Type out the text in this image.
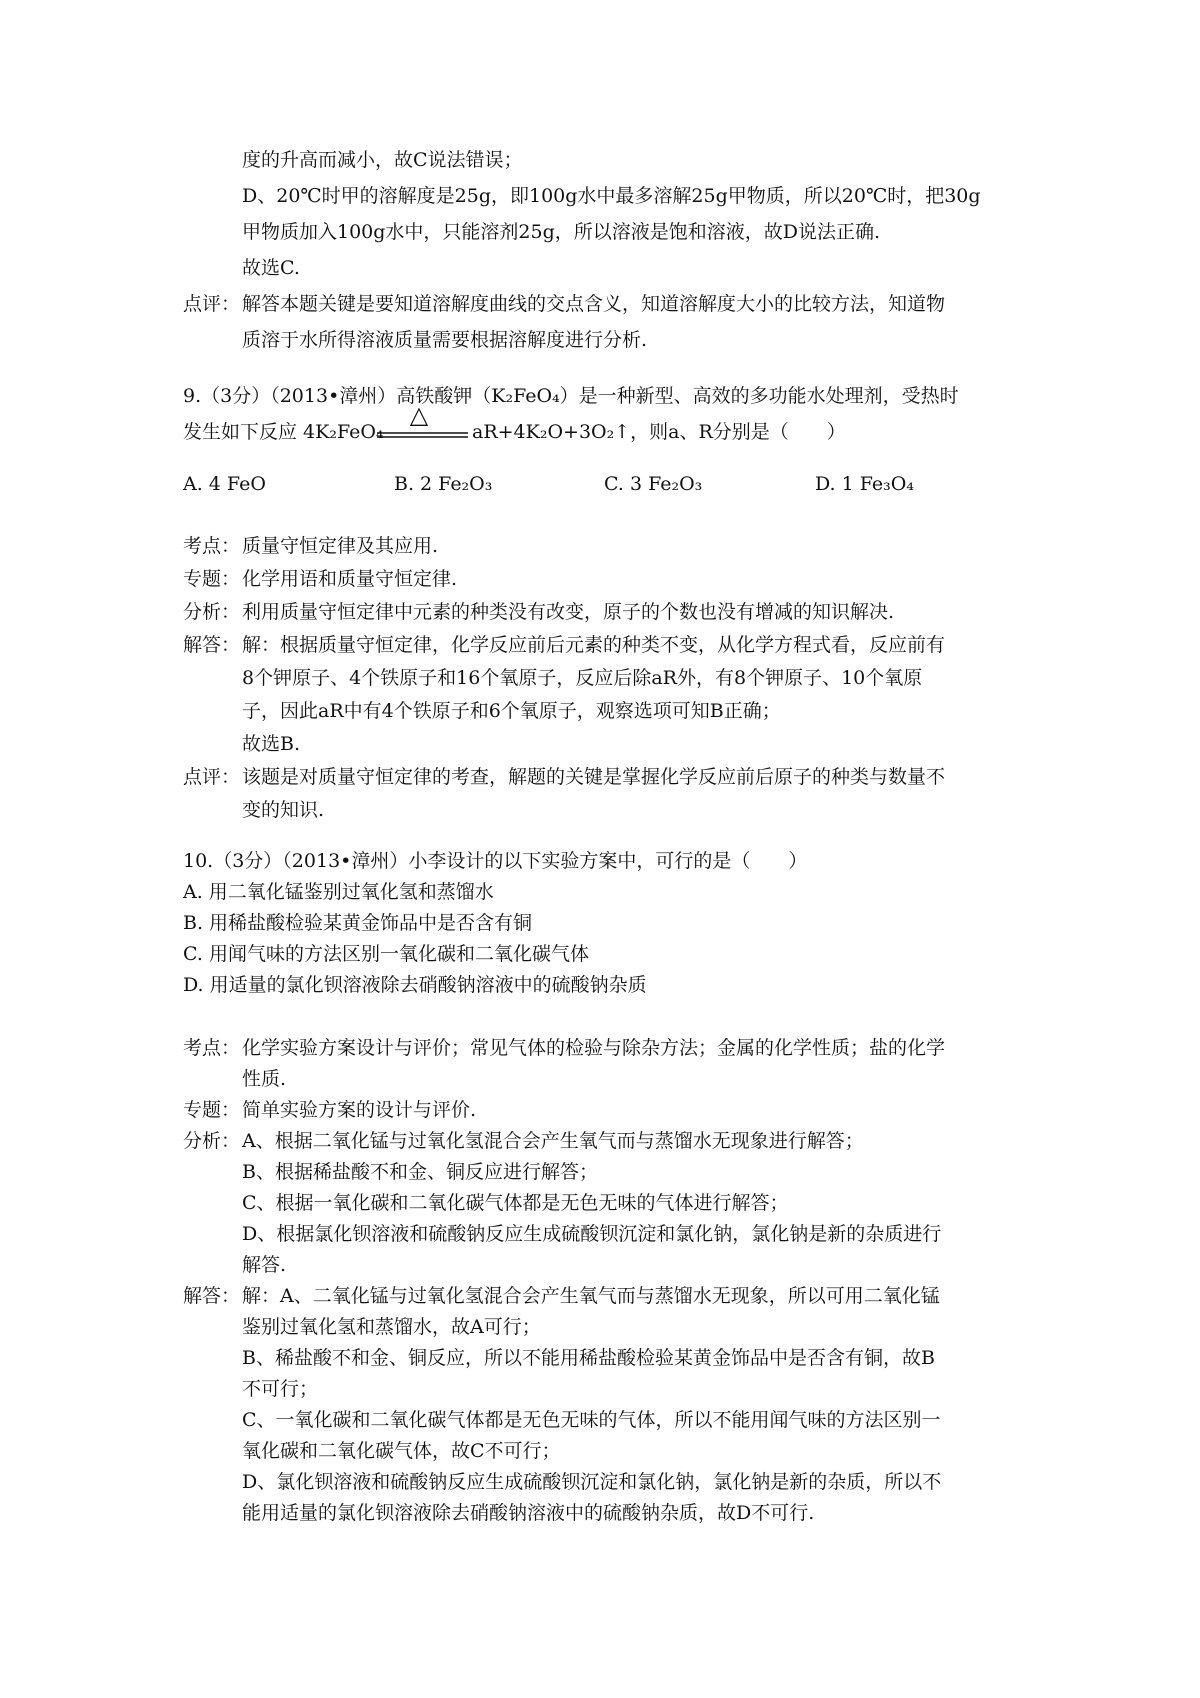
度的升高而减小，故C说法错误；
D、20℃时甲的溶解度是25g，即100g水中最多溶解25g甲物质，所以20℃时，把30g
甲物质加入100g水中，只能溶剂25g，所以溶液是饱和溶液，故D说法正确.
故选C.
点评： 解答本题关键是要知道溶解度曲线的交点含义，知道溶解度大小的比较方法，知道物
质溶于水所得溶液质量需要根据溶解度进行分析.
9.（3分）（2013•漳州）高铁酸钾（K₂FeO₄）是一种新型、高效的多功能水处理剂，受热时
发生如下反应 4K₂FeO₄
△
aR+4K₂O+3O₂↑，则a、R分别是（　　）
A. 4 FeO	B. 2 Fe₂O₃	C. 3 Fe₂O₃	D. 1 Fe₃O₄
考点： 质量守恒定律及其应用.
专题： 化学用语和质量守恒定律.
分析： 利用质量守恒定律中元素的种类没有改变，原子的个数也没有增减的知识解决.
解答： 解：根据质量守恒定律，化学反应前后元素的种类不变，从化学方程式看，反应前有
8个钾原子、4个铁原子和16个氧原子，反应后除aR外，有8个钾原子、10个氧原
子，因此aR中有4个铁原子和6个氧原子，观察选项可知B正确；
故选B.
点评： 该题是对质量守恒定律的考查，解题的关键是掌握化学反应前后原子的种类与数量不
变的知识.
10.（3分）（2013•漳州）小李设计的以下实验方案中，可行的是（　　）
A. 用二氧化锰鉴别过氧化氢和蒸馏水
B. 用稀盐酸检验某黄金饰品中是否含有铜
C. 用闻气味的方法区别一氧化碳和二氧化碳气体
D. 用适量的氯化钡溶液除去硝酸钠溶液中的硫酸钠杂质
考点： 化学实验方案设计与评价；常见气体的检验与除杂方法；金属的化学性质；盐的化学
性质.
专题： 简单实验方案的设计与评价.
分析： A、根据二氧化锰与过氧化氢混合会产生氧气而与蒸馏水无现象进行解答；
B、根据稀盐酸不和金、铜反应进行解答；
C、根据一氧化碳和二氧化碳气体都是无色无味的气体进行解答；
D、根据氯化钡溶液和硫酸钠反应生成硫酸钡沉淀和氯化钠，氯化钠是新的杂质进行
解答.
解答： 解：A、二氧化锰与过氧化氢混合会产生氧气而与蒸馏水无现象，所以可用二氧化锰
鉴别过氧化氢和蒸馏水，故A可行；
B、稀盐酸不和金、铜反应，所以不能用稀盐酸检验某黄金饰品中是否含有铜，故B
不可行；
C、一氧化碳和二氧化碳气体都是无色无味的气体，所以不能用闻气味的方法区别一
氧化碳和二氧化碳气体，故C不可行；
D、氯化钡溶液和硫酸钠反应生成硫酸钡沉淀和氯化钠，氯化钠是新的杂质，所以不
能用适量的氯化钡溶液除去硝酸钠溶液中的硫酸钠杂质，故D不可行.
